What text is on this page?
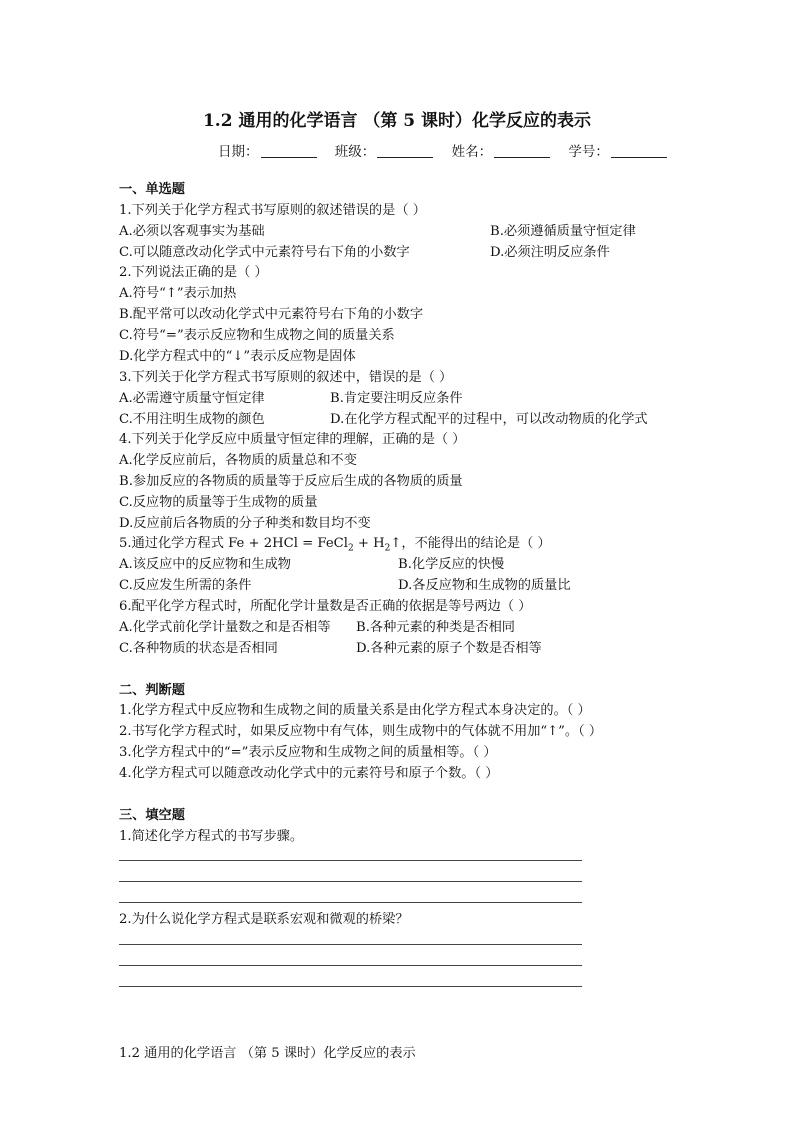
1.2 通用的化学语言 （第 5 课时）化学反应的表示
日期：	班级：	姓名：	学号：
一、单选题
1.下列关于化学方程式书写原则的叙述错误的是（ ）
A.必须以客观事实为基础	B.必须遵循质量守恒定律
C.可以随意改动化学式中元素符号右下角的小数字	D.必须注明反应条件
2.下列说法正确的是（ ）
A.符号“↑”表示加热
B.配平常可以改动化学式中元素符号右下角的小数字
C.符号“=”表示反应物和生成物之间的质量关系
D.化学方程式中的“↓”表示反应物是固体
3.下列关于化学方程式书写原则的叙述中，错误的是（ ）
A.必需遵守质量守恒定律	B.肯定要注明反应条件
C.不用注明生成物的颜色	D.在化学方程式配平的过程中，可以改动物质的化学式
4.下列关于化学反应中质量守恒定律的理解，正确的是（ ）
A.化学反应前后，各物质的质量总和不变
B.参加反应的各物质的质量等于反应后生成的各物质的质量
C.反应物的质量等于生成物的质量
D.反应前后各物质的分子种类和数目均不变
5.通过化学方程式 Fe + 2HCl = FeCl$_2$ + $H_2↑$，不能得出的结论是（ ）
A.该反应中的反应物和生成物	B.化学反应的快慢
C.反应发生所需的条件	D.各反应物和生成物的质量比
6.配平化学方程式时，所配化学计量数是否正确的依据是等号两边（ ）
A.化学式前化学计量数之和是否相等 B.各种元素的种类是否相同
C.各种物质的状态是否相同	D.各种元素的原子个数是否相等
二、判断题
1.化学方程式中反应物和生成物之间的质量关系是由化学方程式本身决定的。（ ）
2.书写化学方程式时，如果反应物中有气体，则生成物中的气体就不用加“↑”。（ ）
3.化学方程式中的“=”表示反应物和生成物之间的质量相等。（ ）
4.化学方程式可以随意改动化学式中的元素符号和原子个数。（ ）
三、填空题
1.简述化学方程式的书写步骤。
2.为什么说化学方程式是联系宏观和微观的桥梁？
1.2 通用的化学语言 （第 5 课时）化学反应的表示
